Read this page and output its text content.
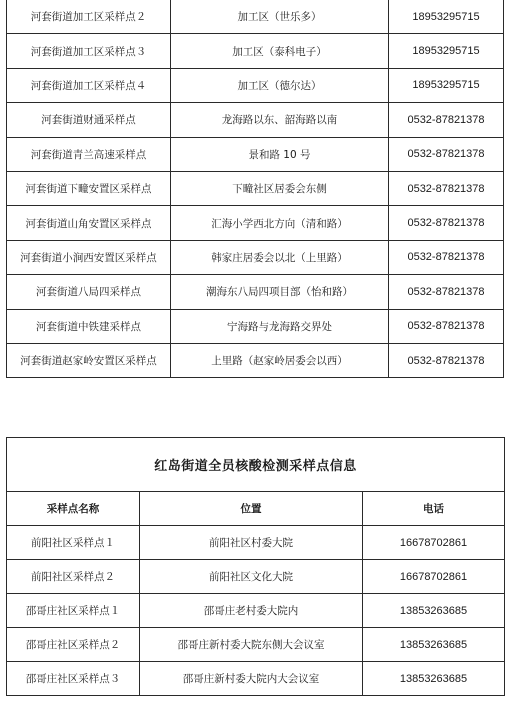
河套街道加工区采样点２	加工区（世乐多）	18953295715
河套街道加工区采样点３	加工区（泰科电子）	18953295715
河套街道加工区采样点４	加工区（德尔达）	18953295715
河套街道财通采样点	龙海路以东、韶海路以南	0532-87821378
河套街道青兰高速采样点	景和路 10 号	0532-87821378
河套街道下疃安置区采样点	下疃社区居委会东侧	0532-87821378
河套街道山角安置区采样点	汇海小学西北方向（清和路）	0532-87821378
河套街道小涧西安置区采样点	韩家庄居委会以北（上里路）	0532-87821378
河套街道八局四采样点	潮海东八局四项目部（怡和路）	0532-87821378
河套街道中铁建采样点	宁海路与龙海路交界处	0532-87821378
河套街道赵家岭安置区采样点	上里路（赵家岭居委会以西）	0532-87821378
红岛街道全员核酸检测采样点信息		
采样点名称	位置	电话
前阳社区采样点１	前阳社区村委大院	16678702861
前阳社区采样点２	前阳社区文化大院	16678702861
邵哥庄社区采样点１	邵哥庄老村委大院内	13853263685
邵哥庄社区采样点２	邵哥庄新村委大院东侧大会议室	13853263685
邵哥庄社区采样点３	邵哥庄新村委大院内大会议室	13853263685
